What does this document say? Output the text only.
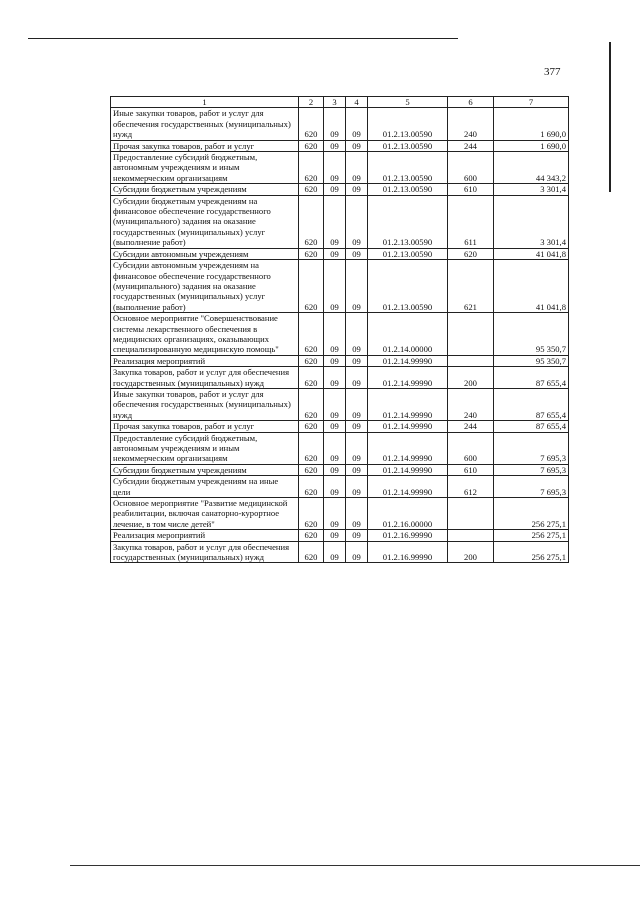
377
1	2	3	4	5	6	7
Иные закупки товаров, работ и услуг для обеспечения государственных (муниципальных) нужд	620	09	09	01.2.13.00590	240	1 690,0
Прочая закупка товаров, работ и услуг	620	09	09	01.2.13.00590	244	1 690,0
Предоставление субсидий бюджетным, автономным учреждениям и иным некоммерческим организациям	620	09	09	01.2.13.00590	600	44 343,2
Субсидии бюджетным учреждениям	620	09	09	01.2.13.00590	610	3 301,4
Субсидии бюджетным учреждениям на финансовое обеспечение государственного (муниципального) задания на оказание государственных (муниципальных) услуг (выполнение работ)	620	09	09	01.2.13.00590	611	3 301,4
Субсидии автономным учреждениям	620	09	09	01.2.13.00590	620	41 041,8
Субсидии автономным учреждениям на финансовое обеспечение государственного (муниципального) задания на оказание государственных (муниципальных) услуг (выполнение работ)	620	09	09	01.2.13.00590	621	41 041,8
Основное мероприятие "Совершенствование системы лекарственного обеспечения в медицинских организациях, оказывающих специализированную медицинскую помощь"	620	09	09	01.2.14.00000		95 350,7
Реализация мероприятий	620	09	09	01.2.14.99990		95 350,7
Закупка товаров, работ и услуг для обеспечения государственных (муниципальных) нужд	620	09	09	01.2.14.99990	200	87 655,4
Иные закупки товаров, работ и услуг для обеспечения государственных (муниципальных) нужд	620	09	09	01.2.14.99990	240	87 655,4
Прочая закупка товаров, работ и услуг	620	09	09	01.2.14.99990	244	87 655,4
Предоставление субсидий бюджетным, автономным учреждениям и иным некоммерческим организациям	620	09	09	01.2.14.99990	600	7 695,3
Субсидии бюджетным учреждениям	620	09	09	01.2.14.99990	610	7 695,3
Субсидии бюджетным учреждениям на иные цели	620	09	09	01.2.14.99990	612	7 695,3
Основное мероприятие "Развитие медицинской реабилитации, включая санаторно-курортное лечение, в том числе детей"	620	09	09	01.2.16.00000		256 275,1
Реализация мероприятий	620	09	09	01.2.16.99990		256 275,1
Закупка товаров, работ и услуг для обеспечения государственных (муниципальных) нужд	620	09	09	01.2.16.99990	200	256 275,1
